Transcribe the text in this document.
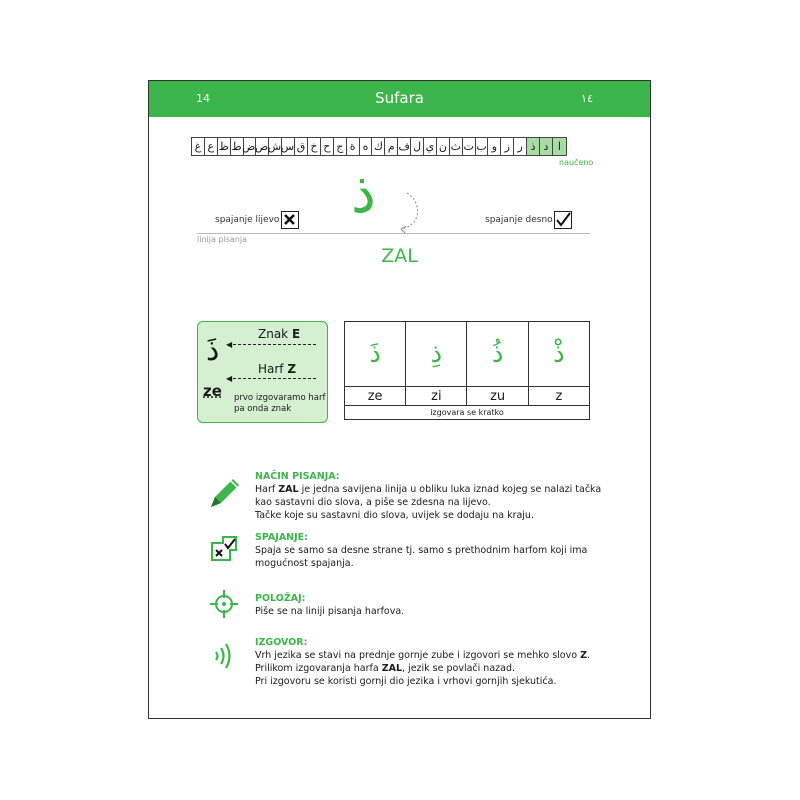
14	Sufara	١٤
غ ع ظ ط ض ص ش س ق خ ح ج ة ه ك م ف ل ي ن ث ت ب و ز ر ذ د ا
naučeno
spajanje lijevo ذ	spajanje desno
linija pisanja
ZAL
ذَ
ze
Znak E
◀
Harf Z
◀
prvo izgovaramo harf
pa onda znak
ذَ	ذِ	ذُ	ذْ
ze	zi	zu	z
izgovara se kratko			
NAČIN PISANJA:

Harf ZAL je jedna savijena linija u obliku luka iznad kojeg se nalazi tačka

kao sastavni dio slova, a piše se zdesna na lijevo.

Tačke koje su sastavni dio slova, uvijek se dodaju na kraju.

SPAJANJE:

Spaja se samo sa desne strane tj. samo s prethodnim harfom koji ima

mogućnost spajanja.

POLOŽAJ:

Piše se na liniji pisanja harfova.

IZGOVOR:

Vrh jezika se stavi na prednje gornje zube i izgovori se mehko slovo Z.

Prilikom izgovaranja harfa ZAL, jezik se povlači nazad.

Pri izgovoru se koristi gornji dio jezika i vrhovi gornjih sjekutića.
